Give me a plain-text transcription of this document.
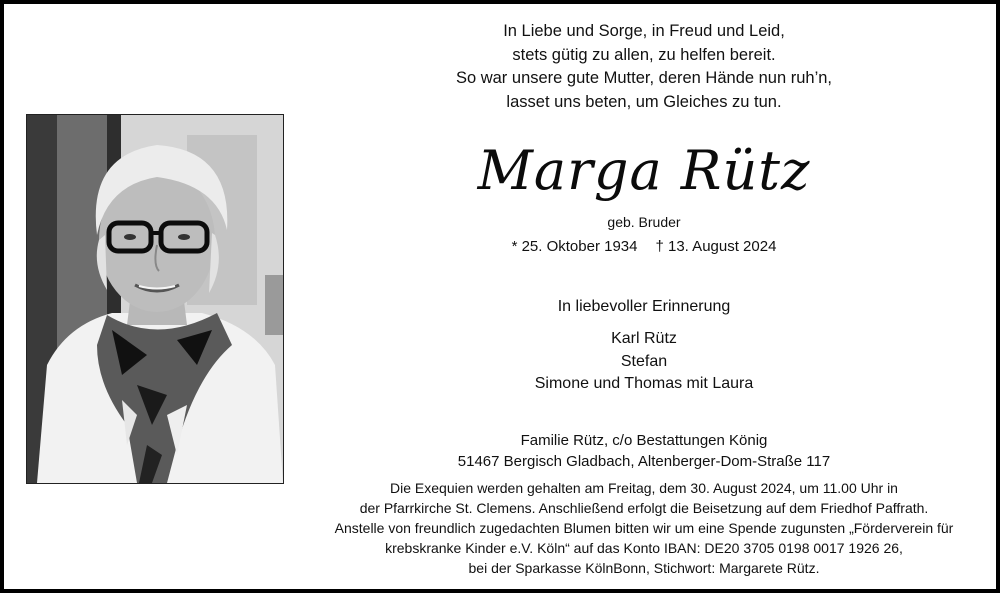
In Liebe und Sorge, in Freud und Leid,
stets gütig zu allen, zu helfen bereit.
So war unsere gute Mutter, deren Hände nun ruh’n,
lasset uns beten, um Gleiches zu tun.
Marga Rütz
geb. Bruder
* 25. Oktober 1934 † 13. August 2024
In liebevoller Erinnerung
Karl Rütz
Stefan
Simone und Thomas mit Laura
Familie Rütz, c/o Bestattungen König
51467 Bergisch Gladbach, Altenberger-Dom-Straße 117
Die Exequien werden gehalten am Freitag, dem 30. August 2024, um 11.00 Uhr in
der Pfarrkirche St. Clemens. Anschließend erfolgt die Beisetzung auf dem Friedhof Paffrath.
Anstelle von freundlich zugedachten Blumen bitten wir um eine Spende zugunsten „Förderverein für
krebskranke Kinder e.V. Köln“ auf das Konto IBAN: DE20 3705 0198 0017 1926 26,
bei der Sparkasse KölnBonn, Stichwort: Margarete Rütz.
